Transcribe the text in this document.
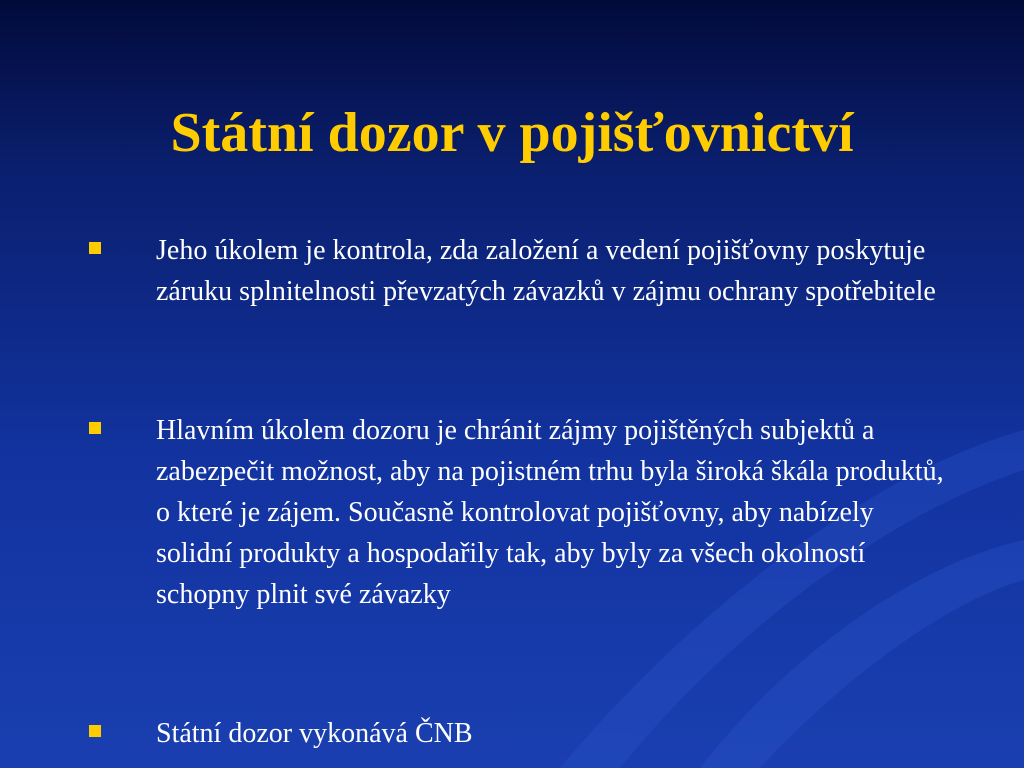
Státní dozor v pojišťovnictví
Jeho úkolem je kontrola, zda založení a vedení pojišťovny poskytuje záruku splnitelnosti převzatých závazků v zájmu ochrany spotřebitele
Hlavním úkolem dozoru je chránit zájmy pojištěných subjektů a zabezpečit možnost, aby na pojistném trhu byla široká škála produktů, o které je zájem. Současně kontrolovat pojišťovny, aby nabízely solidní produkty a hospodařily tak, aby byly za všech okolností schopny plnit své závazky
Státní dozor vykonává ČNB
